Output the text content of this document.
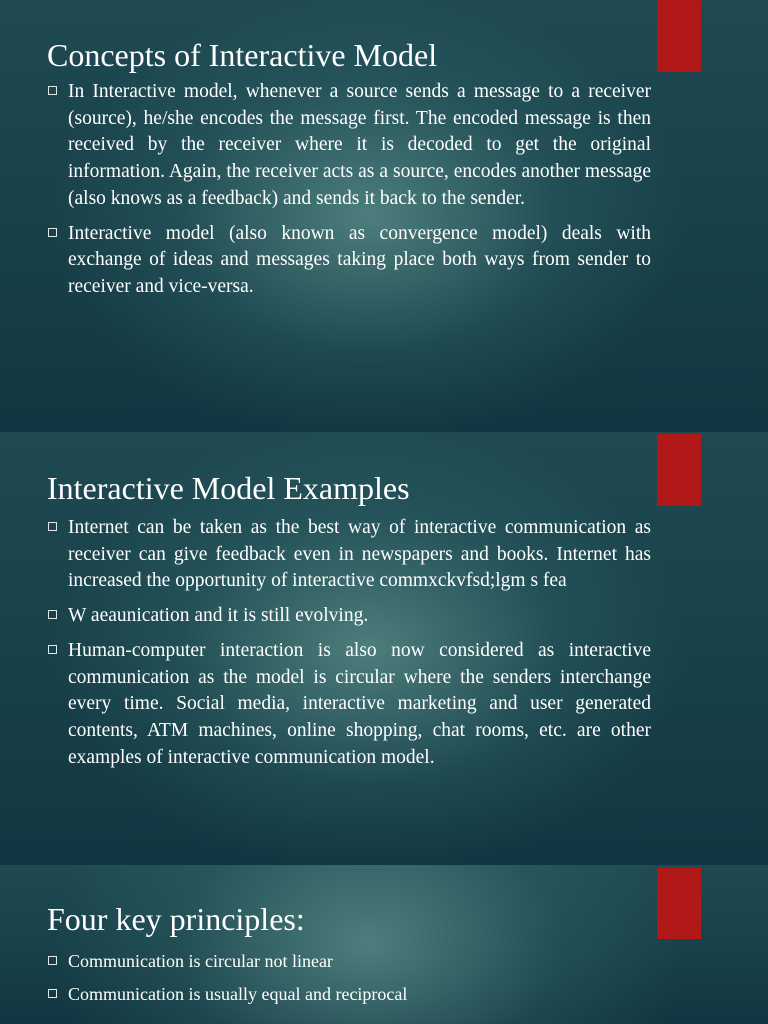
Concepts of Interactive Model
In Interactive model, whenever a source sends a message to a receiver (source), he/she encodes the message first. The encoded message is then received by the receiver where it is decoded to get the original information. Again, the receiver acts as a source, encodes another message (also knows as a feedback) and sends it back to the sender.
Interactive model (also known as convergence model) deals with exchange of ideas and messages taking place both ways from sender to receiver and vice-versa.
Interactive Model Examples
Internet can be taken as the best way of interactive communication as receiver can give feedback even in newspapers and books. Internet has increased the opportunity of interactive commxckvfsd;lgm s fea
W aeaunication and it is still evolving.
Human-computer interaction is also now considered as interactive communication as the model is circular where the senders interchange every time. Social media, interactive marketing and user generated contents, ATM machines, online shopping, chat rooms, etc. are other examples of interactive communication model.
Four key principles:
Communication is circular not linear
Communication is usually equal and reciprocal
